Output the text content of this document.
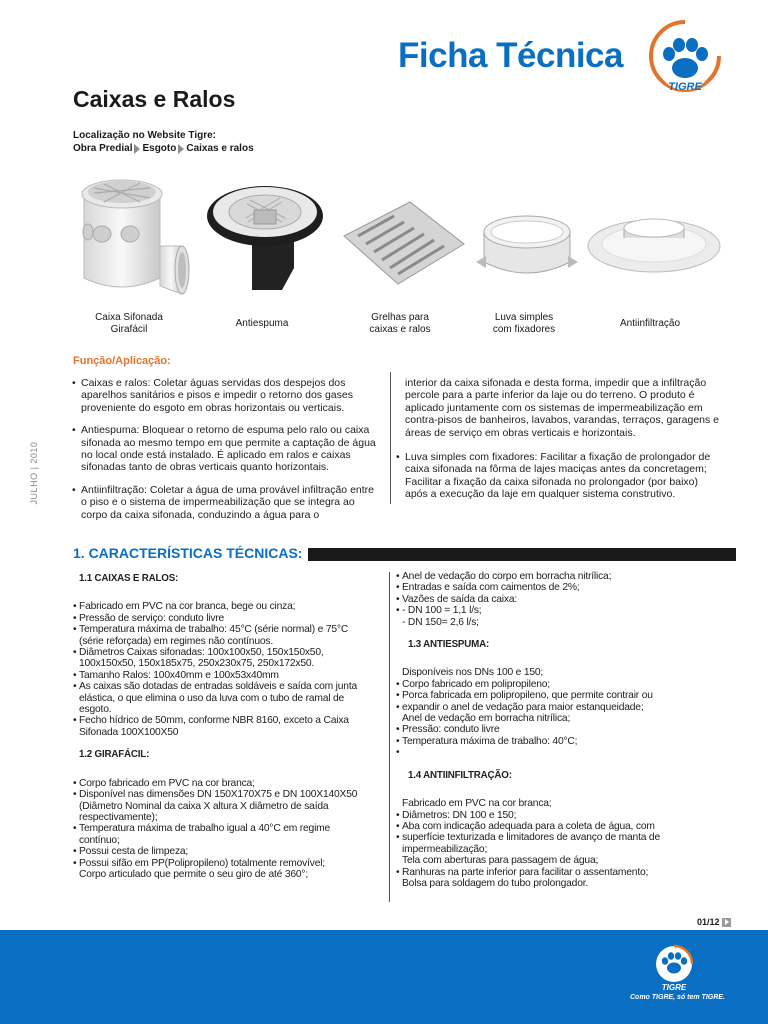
Ficha Técnica
TIGRE
Caixas e Ralos
Localização no Website Tigre:
Obra Predial Esgoto Caixas e ralos
Caixa Sifonada
Girafácil
Antiespuma
Grelhas para
caixas e ralos
Luva simples
com fixadores
Antiinfiltração
Função/Aplicação:

• Caixas e ralos: Coletar águas servidas dos despejos dos aparelhos sanitários e pisos e impedir o retorno dos gases proveniente do esgoto em obras horizontais ou verticais.

• Antiespuma: Bloquear o retorno de espuma pelo ralo ou caixa sifonada ao mesmo tempo em que permite a captação de água no local onde está instalado. É aplicado em ralos e caixas sifonadas tanto de obras verticais quanto horizontais.

• Antiinfiltração: Coletar a água de uma provável infiltração entre o piso e o sistema de impermeabilização que se integra ao corpo da caixa sifonada, conduzindo a água para o

interior da caixa sifonada e desta forma, impedir que a infiltração percole para a parte inferior da laje ou do terreno. O produto é aplicado juntamente com os sistemas de impermeabilização em contra-pisos de banheiros, lavabos, varandas, terraços, garagens e áreas de serviço em obras verticais e horizontais.

• Luva simples com fixadores: Facilitar a fixação de prolongador de caixa sifonada na fôrma de lajes maciças antes da concretagem; Facilitar a fixação da caixa sifonada no prolongador (por baixo) após a execução da laje em qualquer sistema construtivo.

JULHO | 2010
1. CARACTERÍSTICAS TÉCNICAS:
1.1 CAIXAS E RALOS:
• Fabricado em PVC na cor branca, bege ou cinza;
• Pressão de serviço: conduto livre
• Temperatura máxima de trabalho: 45°C (série normal) e 75°C
(série reforçada) em regimes não contínuos.
• Diâmetros Caixas sifonadas: 100x100x50, 150x150x50,
100x150x50, 150x185x75, 250x230x75, 250x172x50.
• Tamanho Ralos: 100x40mm e 100x53x40mm
• As caixas são dotadas de entradas soldáveis e saída com junta
elástica, o que elimina o uso da luva com o tubo de ramal de
esgoto.
• Fecho hídrico de 50mm, conforme NBR 8160, exceto a Caixa
Sifonada 100X100X50
1.2 GIRAFÁCIL:
• Corpo fabricado em PVC na cor branca;
• Disponível nas dimensões DN 150X170X75 e DN 100X140X50
(Diâmetro Nominal da caixa X altura X diâmetro de saída
respectivamente);
• Temperatura máxima de trabalho igual a 40°C em regime
contínuo;
• Possui cesta de limpeza;
• Possui sifão em PP(Polipropileno) totalmente removível;
Corpo articulado que permite o seu giro de até 360°;
• Anel de vedação do corpo em borracha nitrílica;
• Entradas e saída com caimentos de 2%;
• Vazões de saída da caixa:
• - DN 100 = 1,1 l/s;
- DN 150= 2,6 l/s;
1.3 ANTIESPUMA:
Disponíveis nos DNs 100 e 150;
• Corpo fabricado em polipropileno;
• Porca fabricada em polipropileno, que permite contrair ou
• expandir o anel de vedação para maior estanqueidade;
Anel de vedação em borracha nitrílica;
• Pressão: conduto livre
• Temperatura máxima de trabalho: 40°C;
•
1.4 ANTIINFILTRAÇÃO:
Fabricado em PVC na cor branca;
• Diâmetros: DN 100 e 150;
• Aba com indicação adequada para a coleta de água, com
• superfície texturizada e limitadores de avanço de manta de
impermeabilização;
Tela com aberturas para passagem de água;
• Ranhuras na parte inferior para facilitar o assentamento;
Bolsa para soldagem do tubo prolongador.
01/12
TIGRE
Como TIGRE, só tem TIGRE.
